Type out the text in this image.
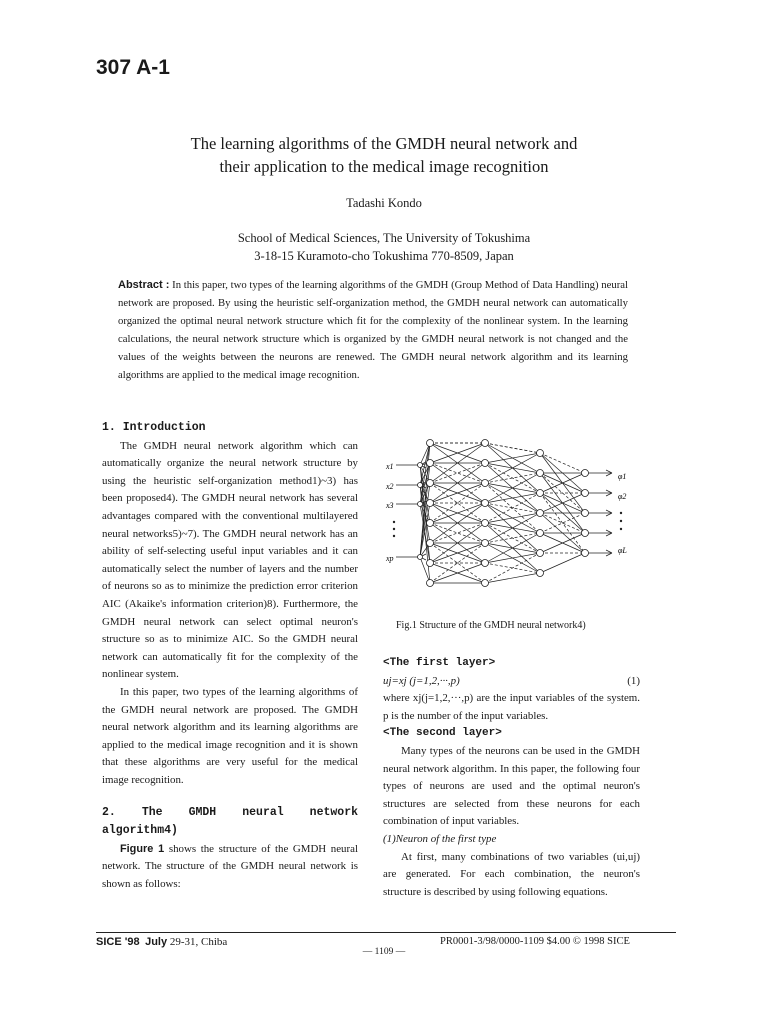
307 A-1
The learning algorithms of the GMDH neural network and
their application to the medical image recognition
Tadashi Kondo
School of Medical Sciences, The University of Tokushima
3-18-15 Kuramoto-cho Tokushima 770-8509, Japan
Abstract : In this paper, two types of the learning algorithms of the GMDH (Group Method of Data Handling) neural network are proposed. By using the heuristic self-organization method, the GMDH neural network can automatically organized the optimal neural network structure which fit for the complexity of the nonlinear system. In the learning calculations, the neural network structure which is organized by the GMDH neural network is not changed and the values of the weights between the neurons are renewed. The GMDH neural network algorithm and its learning algorithms are applied to the medical image recognition.
1. Introduction

The GMDH neural network algorithm which can automatically organize the neural network structure by using the heuristic self-organization method1)~3) has been proposed4). The GMDH neural network has several advantages compared with the conventional multilayered neural networks5)~7). The GMDH neural network has an ability of self-selecting useful input variables and it can automatically select the number of layers and the number of neurons so as to minimize the prediction error criterion AIC (Akaike's information criterion)8). Furthermore, the GMDH neural network can select optimal neuron's structure so as to minimize AIC. So the GMDH neural network can automatically fit for the complexity of the nonlinear system.

In this paper, two types of the learning algorithms of the GMDH neural network are proposed. The GMDH neural network algorithm and its learning algorithms are applied to the medical image recognition and it is shown that these algorithms are very useful for the medical image recognition.

2. The GMDH neural network algorithm4)

Figure 1 shows the structure of the GMDH neural network. The structure of the GMDH neural network is shown as follows:

x1
x2
x3
xp
φ1
φ2
φL
Fig.1 Structure of the GMDH neural network4)
<The first layer>
uj=xj (j=1,2,···,p)	(1)

where xj(j=1,2,···,p) are the input variables of the system. p is the number of the input variables.

<The second layer>

Many types of the neurons can be used in the GMDH neural network algorithm. In this paper, the following four types of neurons are used and the optimal neuron's structures are selected from these neurons for each combination of input variables.

(1)Neuron of the first type

At first, many combinations of two variables (ui,uj) are generated. For each combination, the neuron's structure is described by using following equations.

SICE '98 July 29-31, Chiba	PR0001-3/98/0000-1109 $4.00 © 1998 SICE
— 1109 —
